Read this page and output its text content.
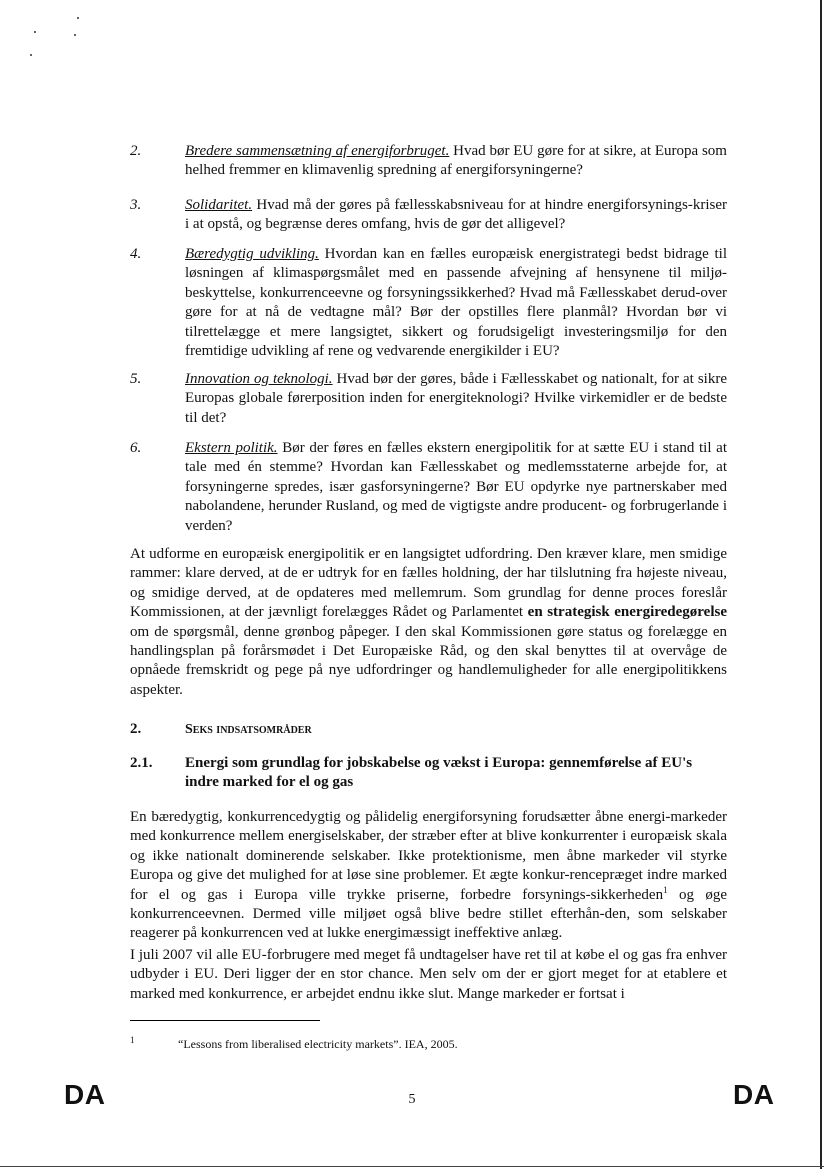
2.	Bredere sammensætning af energiforbruget. Hvad bør EU gøre for at sikre, at Europa som helhed fremmer en klimavenlig spredning af energiforsyningerne?
3.	Solidaritet. Hvad må der gøres på fællesskabsniveau for at hindre energiforsynings-kriser i at opstå, og begrænse deres omfang, hvis de gør det alligevel?
4.	Bæredygtig udvikling. Hvordan kan en fælles europæisk energistrategi bedst bidrage til løsningen af klimaspørgsmålet med en passende afvejning af hensynene til miljø-beskyttelse, konkurrenceevne og forsyningssikkerhed? Hvad må Fællesskabet derud-over gøre for at nå de vedtagne mål? Bør der opstilles flere planmål? Hvordan bør vi tilrettelægge et mere langsigtet, sikkert og forudsigeligt investeringsmiljø for den fremtidige udvikling af rene og vedvarende energikilder i EU?
5.	Innovation og teknologi. Hvad bør der gøres, både i Fællesskabet og nationalt, for at sikre Europas globale førerposition inden for energiteknologi? Hvilke virkemidler er de bedste til det?
6.	Ekstern politik. Bør der føres en fælles ekstern energipolitik for at sætte EU i stand til at tale med én stemme? Hvordan kan Fællesskabet og medlemsstaterne arbejde for, at forsyningerne spredes, især gasforsyningerne? Bør EU opdyrke nye partnerskaber med nabolandene, herunder Rusland, og med de vigtigste andre producent- og forbrugerlande i verden?

At udforme en europæisk energipolitik er en langsigtet udfordring. Den kræver klare, men smidige rammer: klare derved, at de er udtryk for en fælles holdning, der har tilslutning fra højeste niveau, og smidige derved, at de opdateres med mellemrum. Som grundlag for denne proces foreslår Kommissionen, at der jævnligt forelægges Rådet og Parlamentet en strategisk energiredegørelse om de spørgsmål, denne grønbog påpeger. I den skal Kommissionen gøre status og forelægge en handlingsplan på forårsmødet i Det Europæiske Råd, og den skal benyttes til at overvåge de opnåede fremskridt og pege på nye udfordringer og handlemuligheder for alle energipolitikkens aspekter.

2.	Seks indsatsområder
2.1. Energi som grundlag for jobskabelse og vækst i Europa: gennemførelse af EU's indre marked for el og gas

En bæredygtig, konkurrencedygtig og pålidelig energiforsyning forudsætter åbne energi-markeder med konkurrence mellem energiselskaber, der stræber efter at blive konkurrenter i europæisk skala og ikke nationalt dominerende selskaber. Ikke protektionisme, men åbne markeder vil styrke Europa og give det mulighed for at løse sine problemer. Et ægte konkur-rencepræget indre marked for el og gas i Europa ville trykke priserne, forbedre forsynings-sikkerheden$^1$ og øge konkurrenceevnen. Dermed ville miljøet også blive bedre stillet efterhån-den, som selskaber reagerer på konkurrencen ved at lukke energimæssigt ineffektive anlæg.

I juli 2007 vil alle EU-forbrugere med meget få undtagelser have ret til at købe el og gas fra enhver udbyder i EU. Deri ligger der en stor chance. Men selv om der er gjort meget for at etablere et marked med konkurrence, er arbejdet endnu ikke slut. Mange markeder er fortsat i

1	“Lessons from liberalised electricity markets”. IEA, 2005.
DA	5	DA
